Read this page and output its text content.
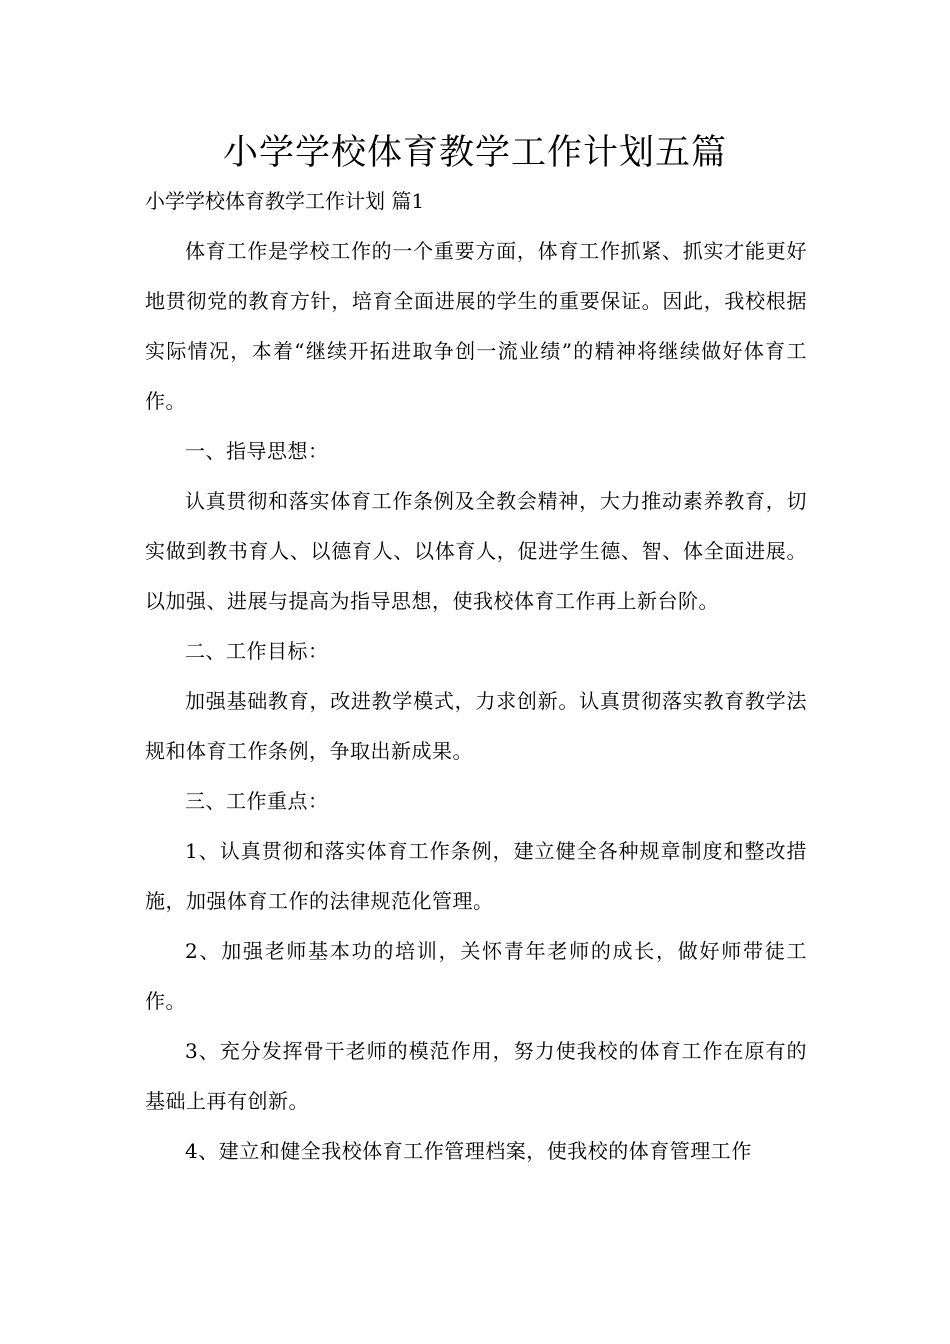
小学学校体育教学工作计划五篇
小学学校体育教学工作计划 篇1

体育工作是学校工作的一个重要方面，体育工作抓紧、抓实才能更好地贯彻党的教育方针，培育全面进展的学生的重要保证。因此，我校根据实际情况，本着“继续开拓进取争创一流业绩”的精神将继续做好体育工作。

一、指导思想：

认真贯彻和落实体育工作条例及全教会精神，大力推动素养教育，切实做到教书育人、以德育人、以体育人，促进学生德、智、体全面进展。以加强、进展与提高为指导思想，使我校体育工作再上新台阶。

二、工作目标：

加强基础教育，改进教学模式，力求创新。认真贯彻落实教育教学法规和体育工作条例，争取出新成果。

三、工作重点：

1、认真贯彻和落实体育工作条例，建立健全各种规章制度和整改措施，加强体育工作的法律规范化管理。

2、加强老师基本功的培训，关怀青年老师的成长，做好师带徒工作。

3、充分发挥骨干老师的模范作用，努力使我校的体育工作在原有的基础上再有创新。

4、建立和健全我校体育工作管理档案，使我校的体育管理工作
